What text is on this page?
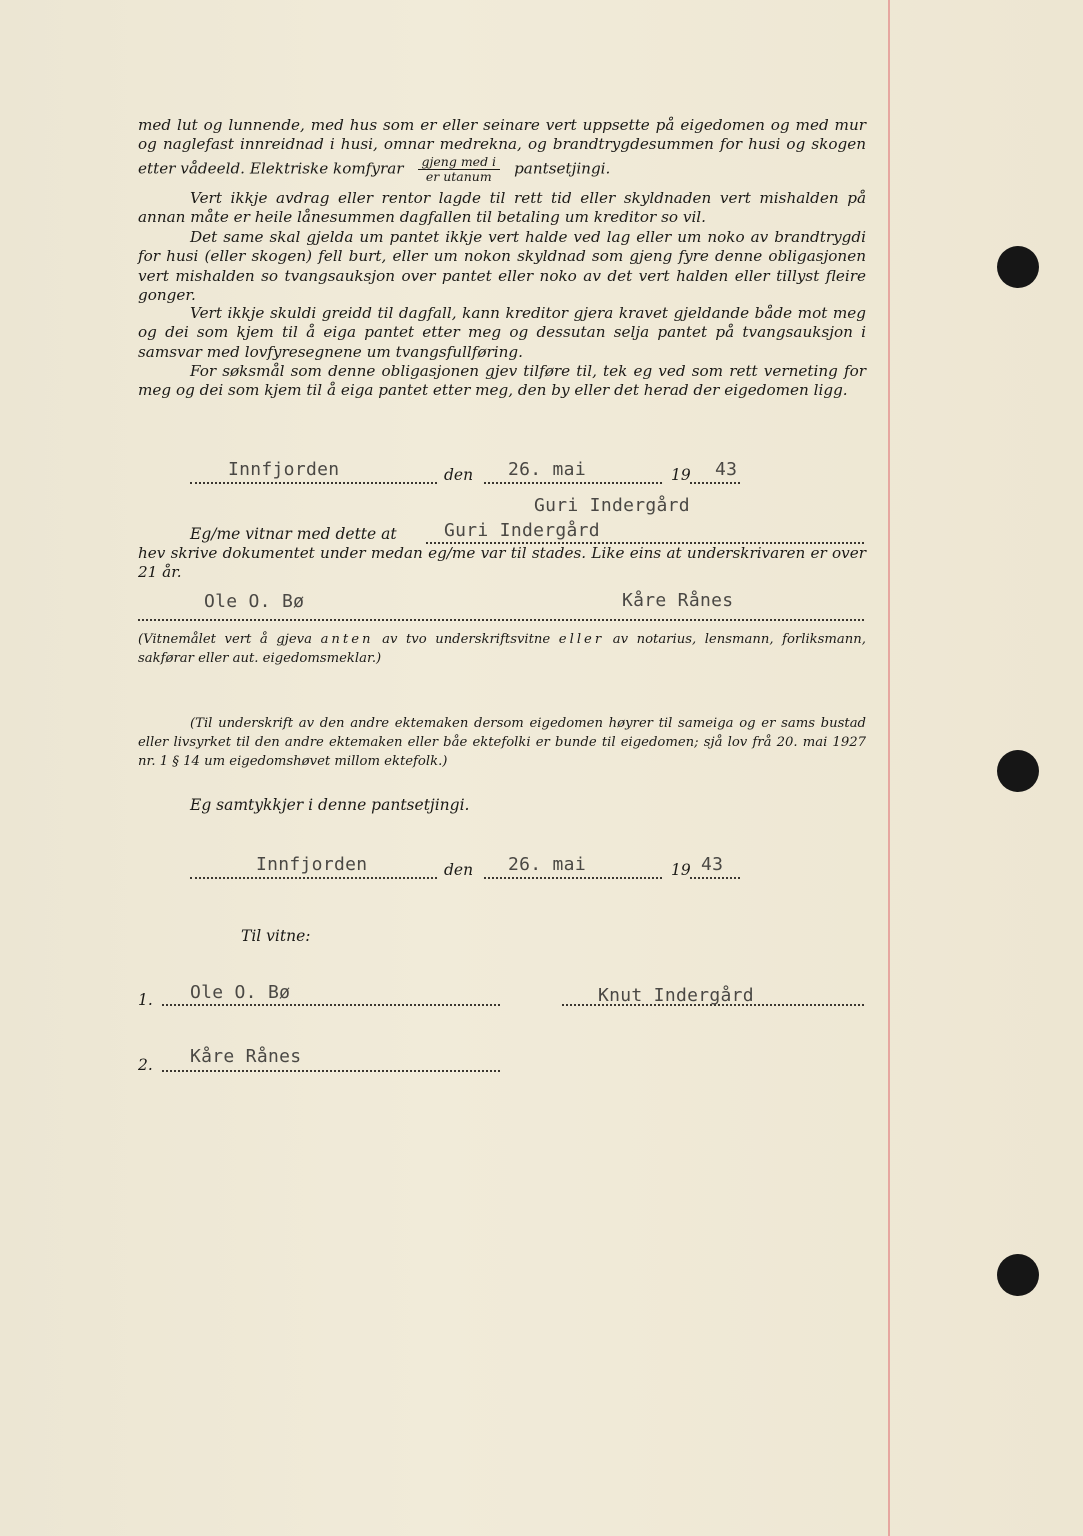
med lut og lunnende, med hus som er eller seinare vert uppsette på eigedomen og med mur og naglefast innreidnad i husi, omnar medrekna, og brandtrygdesummen for husi og skogen etter vådeeld. Elektriske komfyrar $\frac{\text{gjeng med i}}{\text{er utanum}}$ pantsetjingi.
Vert ikkje avdrag eller rentor lagde til rett tid eller skyldnaden vert mishalden på annan måte er heile lånesummen dagfallen til betaling um kreditor so vil.
Det same skal gjelda um pantet ikkje vert halde ved lag eller um noko av brandtrygdi for husi (eller skogen) fell burt, eller um nokon skyldnad som gjeng fyre denne obligasjonen vert mishalden so tvangsauksjon over pantet eller noko av det vert halden eller tillyst fleire gonger.
Vert ikkje skuldi greidd til dagfall, kann kreditor gjera kravet gjeldande både mot meg og dei som kjem til å eiga pantet etter meg og dessutan selja pantet på tvangsauksjon i samsvar med lovfyresegnene um tvangsfullføring.
For søksmål som denne obligasjonen gjev tilføre til, tek eg ved som rett verneting for meg og dei som kjem til å eiga pantet etter meg, den by eller det herad der eigedomen ligg.
Innfjorden	den 26. mai	19 43
Guri Indergård
Eg/me vitnar med dette at	Guri Indergård
hev skrive dokumentet under medan eg/me var til stades. Like eins at underskrivaren er over 21 år.
Ole O. Bø	Kåre Rånes
(Vitnemålet vert å gjeva anten av tvo underskriftsvitne eller av notarius, lensmann, forliksmann, sakførar eller aut. eigedomsmeklar.)
(Til underskrift av den andre ektemaken dersom eigedomen høyrer til sameiga og er sams bustad eller livsyrket til den andre ektemaken eller båe ektefolki er bunde til eigedomen; sjå lov frå 20. mai 1927 nr. 1 § 14 um eigedomshøvet millom ektefolk.)
Eg samtykkjer i denne pantsetjingi.
Innfjorden	den 26. mai	19 43
Til vitne:
1. Ole O. Bø	Knut Indergård
2. Kåre Rånes
